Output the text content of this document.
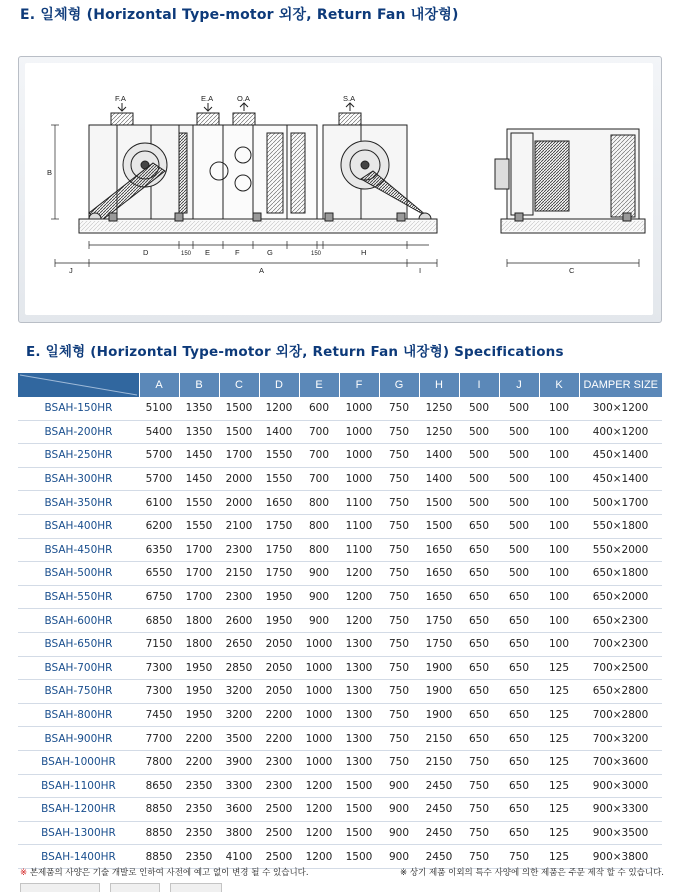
E. 일체형 (Horizontal Type-motor 외장, Return Fan 내장형)
F.A	E.A	O.A	S.A
B
D	E	F	G	H
I
J	A	C
150	150
E. 일체형 (Horizontal Type-motor 외장, Return Fan 내장형) Specifications
	A	B	C	D	E	F	G	H	I	J	K	DAMPER SIZE
BSAH-150HR	5100	1350	1500	1200	600	1000	750	1250	500	500	100	300×1200
BSAH-200HR	5400	1350	1500	1400	700	1000	750	1250	500	500	100	400×1200
BSAH-250HR	5700	1450	1700	1550	700	1000	750	1400	500	500	100	450×1400
BSAH-300HR	5700	1450	2000	1550	700	1000	750	1400	500	500	100	450×1400
BSAH-350HR	6100	1550	2000	1650	800	1100	750	1500	500	500	100	500×1700
BSAH-400HR	6200	1550	2100	1750	800	1100	750	1500	650	500	100	550×1800
BSAH-450HR	6350	1700	2300	1750	800	1100	750	1650	650	500	100	550×2000
BSAH-500HR	6550	1700	2150	1750	900	1200	750	1650	650	500	100	650×1800
BSAH-550HR	6750	1700	2300	1950	900	1200	750	1650	650	650	100	650×2000
BSAH-600HR	6850	1800	2600	1950	900	1200	750	1750	650	650	100	650×2300
BSAH-650HR	7150	1800	2650	2050	1000	1300	750	1750	650	650	100	700×2300
BSAH-700HR	7300	1950	2850	2050	1000	1300	750	1900	650	650	125	700×2500
BSAH-750HR	7300	1950	3200	2050	1000	1300	750	1900	650	650	125	650×2800
BSAH-800HR	7450	1950	3200	2200	1000	1300	750	1900	650	650	125	700×2800
BSAH-900HR	7700	2200	3500	2200	1000	1300	750	2150	650	650	125	700×3200
BSAH-1000HR	7800	2200	3900	2300	1000	1300	750	2150	750	650	125	700×3600
BSAH-1100HR	8650	2350	3300	2300	1200	1500	900	2450	750	650	125	900×3000
BSAH-1200HR	8850	2350	3600	2500	1200	1500	900	2450	750	650	125	900×3300
BSAH-1300HR	8850	2350	3800	2500	1200	1500	900	2450	750	650	125	900×3500
BSAH-1400HR	8850	2350	4100	2500	1200	1500	900	2450	750	750	125	900×3800
※ 본제품의 사양은 기술 개발로 인하여 사전에 예고 없이 변경 될 수 있습니다.	※ 상기 제품 이외의 특수 사양에 의한 제품은 주문 제작 할 수 있습니다.
